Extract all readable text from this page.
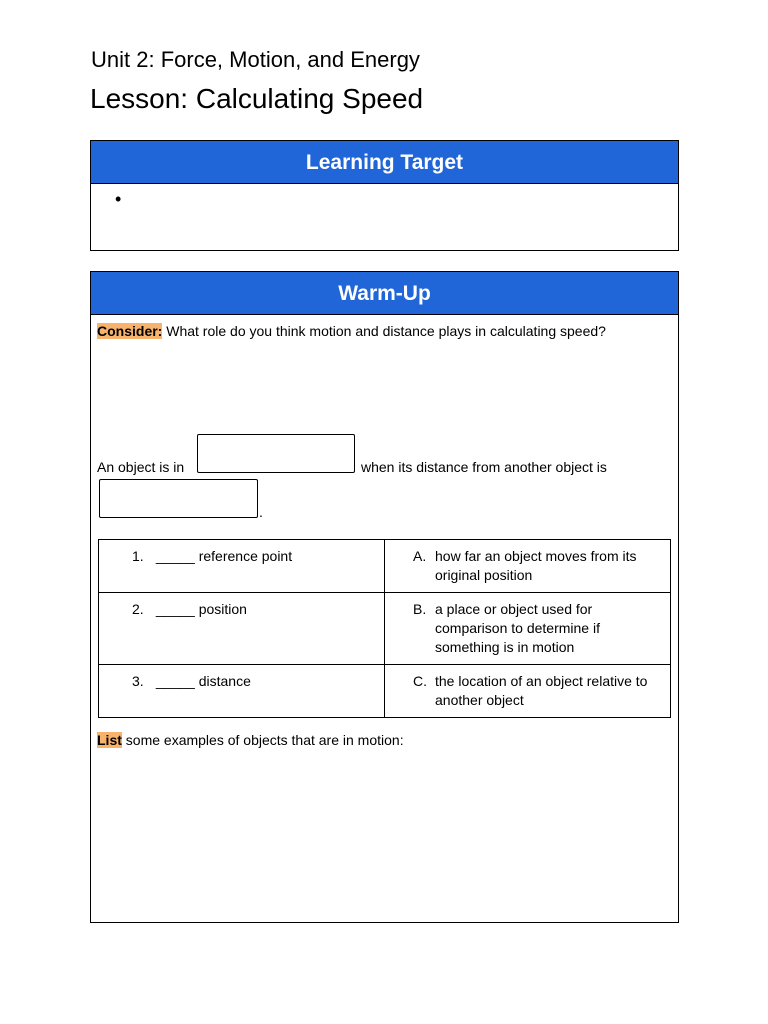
Unit 2: Force, Motion, and Energy
Lesson: Calculating Speed
Learning Target
•
Warm-Up
Consider: What role do you think motion and distance plays in calculating speed?
An object is in	when its distance from another object is
.
1. _____ reference point	A. how far an object moves from its original position

2. _____ position	B. a place or object used for comparison to determine if something is in motion

3. _____ distance	C. the location of an object relative to another object
List some examples of objects that are in motion:
